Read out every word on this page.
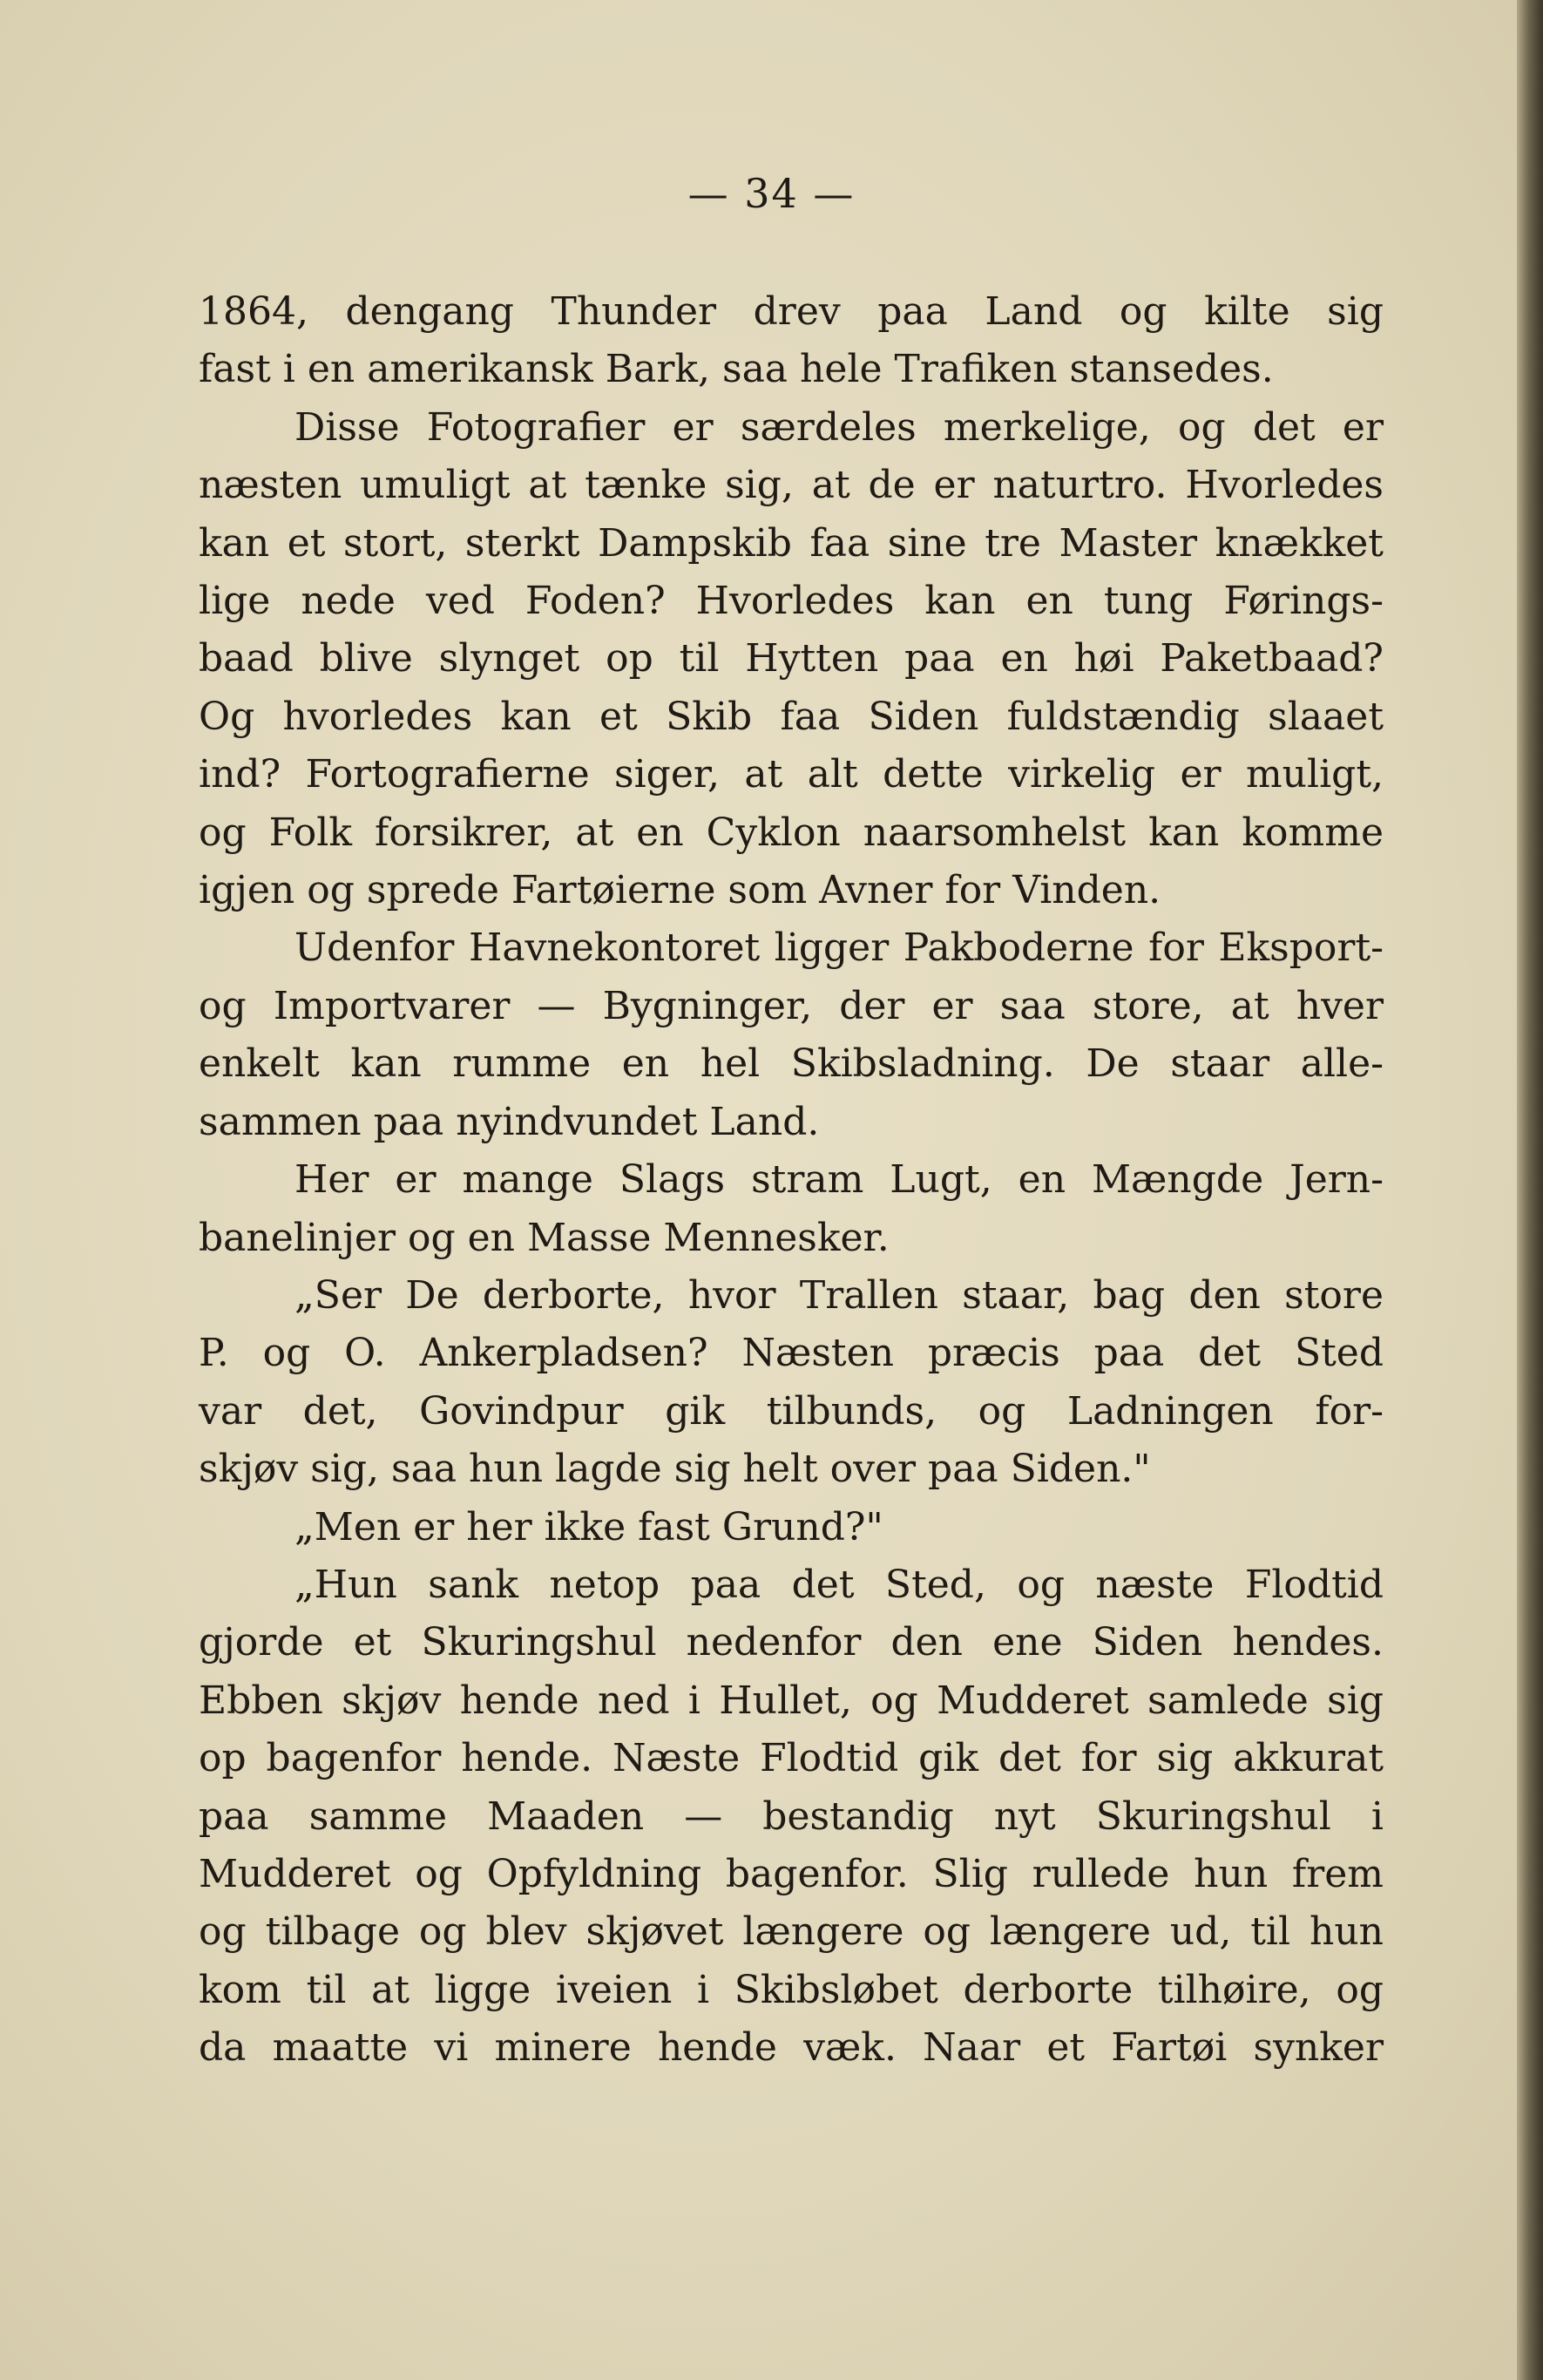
— 34 —
1864, dengang Thunder drev paa Land og kilte sig
fast i en amerikansk Bark, saa hele Trafiken stansedes.
Disse Fotografier er særdeles merkelige, og det er
næsten umuligt at tænke sig, at de er naturtro. Hvorledes
kan et stort, sterkt Dampskib faa sine tre Master knækket
lige nede ved Foden? Hvorledes kan en tung Førings-
baad blive slynget op til Hytten paa en høi Paketbaad?
Og hvorledes kan et Skib faa Siden fuldstændig slaaet
ind? Fortografierne siger, at alt dette virkelig er muligt,
og Folk forsikrer, at en Cyklon naarsomhelst kan komme
igjen og sprede Fartøierne som Avner for Vinden.
Udenfor Havnekontoret ligger Pakboderne for Eksport-
og Importvarer — Bygninger, der er saa store, at hver
enkelt kan rumme en hel Skibsladning. De staar alle-
sammen paa nyindvundet Land.
Her er mange Slags stram Lugt, en Mængde Jern-
banelinjer og en Masse Mennesker.
„Ser De derborte, hvor Trallen staar, bag den store
P. og O. Ankerpladsen? Næsten præcis paa det Sted
var det, Govindpur gik tilbunds, og Ladningen for-
skjøv sig, saa hun lagde sig helt over paa Siden."
„Men er her ikke fast Grund?"
„Hun sank netop paa det Sted, og næste Flodtid
gjorde et Skuringshul nedenfor den ene Siden hendes.
Ebben skjøv hende ned i Hullet, og Mudderet samlede sig
op bagenfor hende. Næste Flodtid gik det for sig akkurat
paa samme Maaden — bestandig nyt Skuringshul i
Mudderet og Opfyldning bagenfor. Slig rullede hun frem
og tilbage og blev skjøvet længere og længere ud, til hun
kom til at ligge iveien i Skibsløbet derborte tilhøire, og
da maatte vi minere hende væk. Naar et Fartøi synker
